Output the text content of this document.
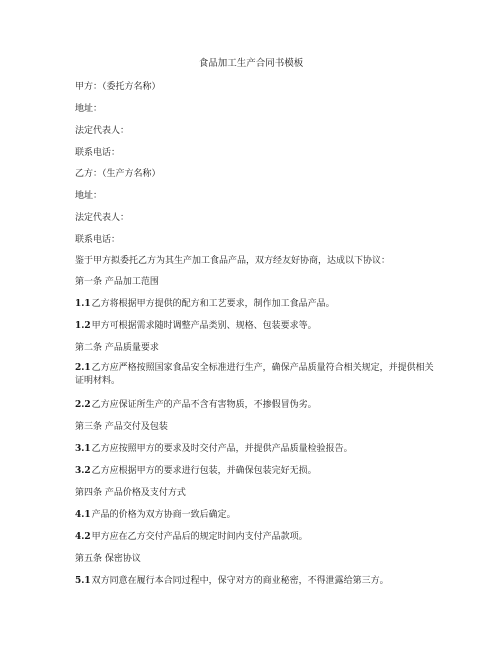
食品加工生产合同书模板
甲方：（委托方名称）
地址：
法定代表人：
联系电话：
乙方：（生产方名称）
地址：
法定代表人：
联系电话：
鉴于甲方拟委托乙方为其生产加工食品产品，双方经友好协商，达成以下协议：
第一条 产品加工范围
1.1乙方将根据甲方提供的配方和工艺要求，制作加工食品产品。
1.2甲方可根据需求随时调整产品类别、规格、包装要求等。
第二条 产品质量要求
2.1乙方应严格按照国家食品安全标准进行生产，确保产品质量符合相关规定，并提供相关证明材料。
2.2乙方应保证所生产的产品不含有害物质，不掺假冒伪劣。
第三条 产品交付及包装
3.1乙方应按照甲方的要求及时交付产品，并提供产品质量检验报告。
3.2乙方应根据甲方的要求进行包装，并确保包装完好无损。
第四条 产品价格及支付方式
4.1产品的价格为双方协商一致后确定。
4.2甲方应在乙方交付产品后的规定时间内支付产品款项。
第五条 保密协议
5.1双方同意在履行本合同过程中，保守对方的商业秘密，不得泄露给第三方。
